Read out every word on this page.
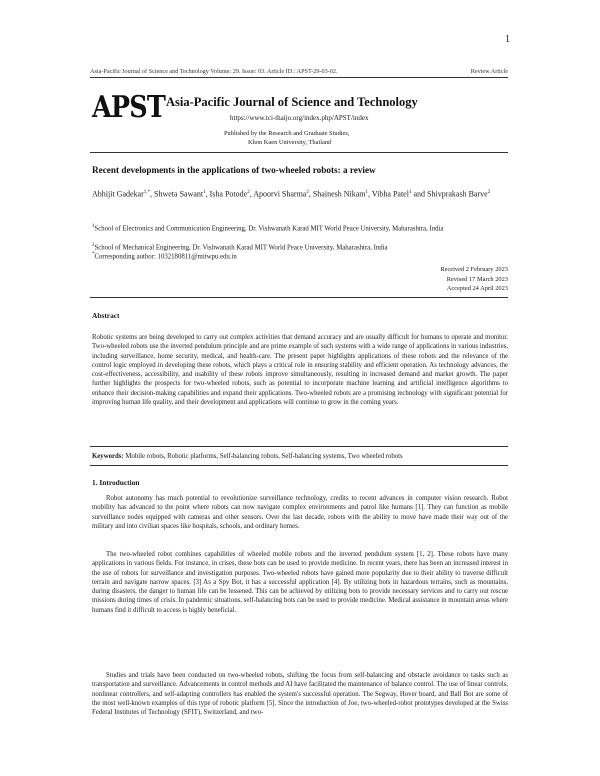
1
Asia-Pacific Journal of Science and Technology Volume: 29. Issue: 03. Article ID.: APST-29-03-02.	Review Article
APST Asia-Pacific Journal of Science and Technology
https://www.tci-thaijo.org/index.php/APST/index
Published by the Research and Graduate Studies,
Khon Kaen University, Thailand
Recent developments in the applications of two-wheeled robots: a review
Abhijit Gadekar$^{1,*}$, Shweta Sawant$^1$, Isha Potode$^2$, Apoorvi Sharma$^2$, Shainesh Nikam$^1$, Vibha Patel$^1$ and Shivprakash Barve$^2$
$^1$School of Electronics and Communication Engineering, Dr. Vishwanath Karad MIT World Peace University, Maharashtra, India
$^2$School of Mechanical Engineering, Dr. Vishwanath Karad MIT World Peace University, Maharashtra, India
*Corresponding author: 1032180811@mitwpu.edu.in
Received 2 February 2023
Revised 17 March 2023
Accepted 24 April 2023
Abstract
Robotic systems are being developed to carry out complex activities that demand accuracy and are usually difficult for humans to operate and monitor. Two-wheeled robots use the inverted pendulum principle and are prime example of such systems with a wide range of applications in various industries, including surveillance, home security, medical, and health-care. The present paper highlights applications of these robots and the relevance of the control logic employed in developing these robots, which plays a critical role in ensuring stability and efficient operation. As technology advances, the cost-effectiveness, accessibility, and usability of these robots improve simultaneously, resulting in increased demand and market growth. The paper further highlights the prospects for two-wheeled robots, such as potential to incorporate machine learning and artificial intelligence algorithms to enhance their decision-making capabilities and expand their applications. Two-wheeled robots are a promising technology with significant potential for improving human life quality, and their development and applications will continue to grow in the coming years.
Keywords: Mobile robots, Robotic platforms, Self-balancing robots, Self-balancing systems, Two wheeled robots
1. Introduction
Robot autonomy has much potential to revolutionize surveillance technology, credits to recent advances in computer vision research. Robot mobility has advanced to the point where robots can now navigate complex environments and patrol like humans [1]. They can function as mobile surveillance nodes equipped with cameras and other sensors. Over the last decade, robots with the ability to move have made their way out of the military and into civilian spaces like hospitals, schools, and ordinary homes.
The two-wheeled robot combines capabilities of wheeled mobile robots and the inverted pendulum system [1, 2]. These robots have many applications in various fields. For instance, in crises, these bots can be used to provide medicine. In recent years, there has been an increased interest in the use of robots for surveillance and investigation purposes. Two-wheeled robots have gained more popularity due to their ability to traverse difficult terrain and navigate narrow spaces. [3] As a Spy Bot, it has a successful application [4]. By utilizing bots in hazardous terrains, such as mountains, during disasters, the danger to human life can be lessened. This can be achieved by utilizing bots to provide necessary services and to carry out rescue missions during times of crisis. In pandemic situations, self-balancing bots can be used to provide medicine. Medical assistance in mountain areas where humans find it difficult to access is highly beneficial.
Studies and trials have been conducted on two-wheeled robots, shifting the focus from self-balancing and obstacle avoidance to tasks such as transportation and surveillance. Advancements in control methods and AI have facilitated the maintenance of balance control. The use of linear controls, nonlinear controllers, and self-adapting controllers has enabled the system's successful operation. The Segway, Hover board, and Ball Bot are some of the most well-known examples of this type of robotic platform [5]. Since the introduction of Joe, two-wheeled-robot prototypes developed at the Swiss Federal Institutes of Technology (SFIT), Switzerland, and two-
